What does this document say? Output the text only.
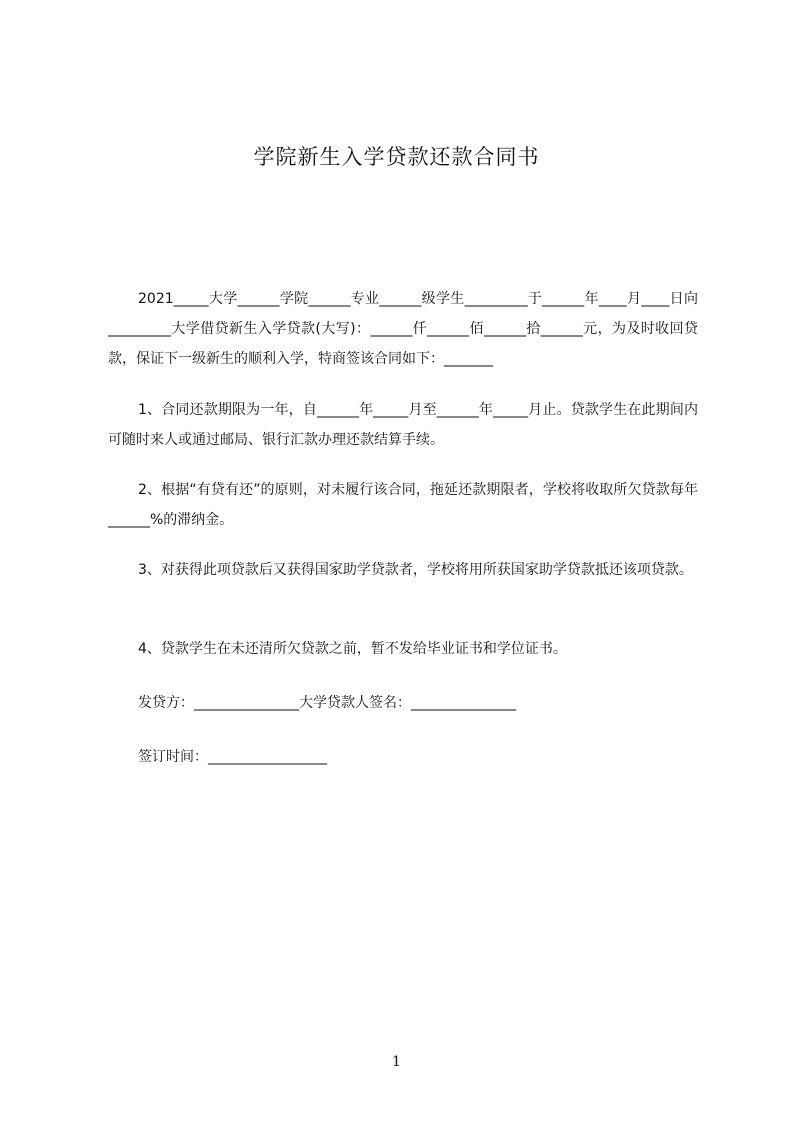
学院新生入学贷款还款合同书

2021_____大学______学院______专业______级学生_________于______年____月____日向_________大学借贷新生入学贷款(大写)：______仟______佰______拾______元，为及时收回贷款，保证下一级新生的顺利入学，特商签该合同如下：_______

1、合同还款期限为一年，自______年_____月至______年_____月止。贷款学生在此期间内可随时来人或通过邮局、银行汇款办理还款结算手续。

2、根据“有贷有还”的原则，对未履行该合同，拖延还款期限者，学校将收取所欠贷款每年______%的滞纳金。

3、对获得此项贷款后又获得国家助学贷款者，学校将用所获国家助学贷款抵还该项贷款。

4、贷款学生在未还清所欠贷款之前，暂不发给毕业证书和学位证书。

发贷方：_______________大学贷款人签名：_______________

签订时间：_________________

1
